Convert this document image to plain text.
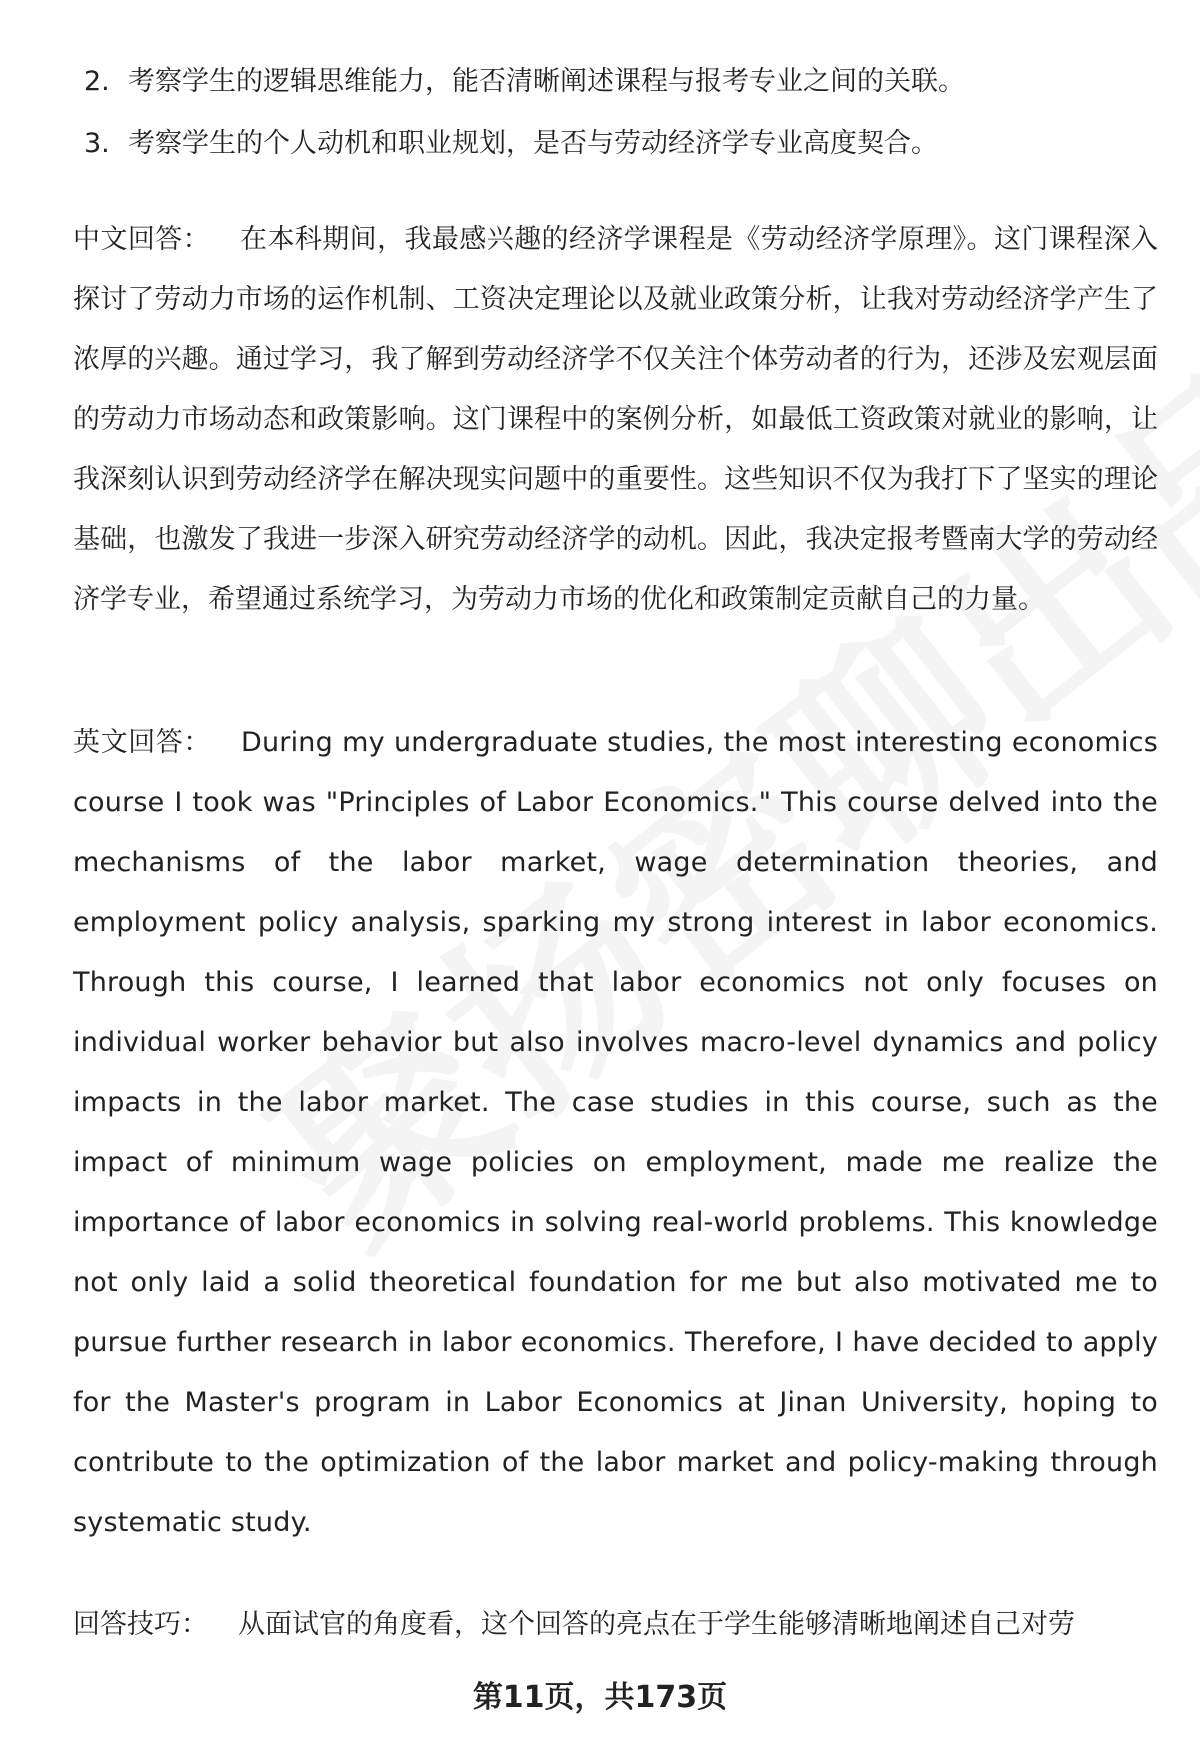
2. 考察学生的逻辑思维能力，能否清晰阐述课程与报考专业之间的关联。
3. 考察学生的个人动机和职业规划，是否与劳动经济学专业高度契合。

中文回答： 在本科期间，我最感兴趣的经济学课程是《劳动经济学原理》。这门课程深入探讨了劳动力市场的运作机制、工资决定理论以及就业政策分析，让我对劳动经济学产生了浓厚的兴趣。通过学习，我了解到劳动经济学不仅关注个体劳动者的行为，还涉及宏观层面的劳动力市场动态和政策影响。这门课程中的案例分析，如最低工资政策对就业的影响，让我深刻认识到劳动经济学在解决现实问题中的重要性。这些知识不仅为我打下了坚实的理论基础，也激发了我进一步深入研究劳动经济学的动机。因此，我决定报考暨南大学的劳动经济学专业，希望通过系统学习，为劳动力市场的优化和政策制定贡献自己的力量。

英文回答： During my undergraduate studies, the most interesting economics course I took was "Principles of Labor Economics." This course delved into the mechanisms of the labor market, wage determination theories, and employment policy analysis, sparking my strong interest in labor economics. Through this course, I learned that labor economics not only focuses on individual worker behavior but also involves macro-level dynamics and policy impacts in the labor market. The case studies in this course, such as the impact of minimum wage policies on employment, made me realize the importance of labor economics in solving real-world problems. This knowledge not only laid a solid theoretical foundation for me but also motivated me to pursue further research in labor economics. Therefore, I have decided to apply for the Master's program in Labor Economics at Jinan University, hoping to contribute to the optimization of the labor market and policy-making through systematic study.

回答技巧： 从面试官的角度看，这个回答的亮点在于学生能够清晰地阐述自己对劳

第11页，共173页
